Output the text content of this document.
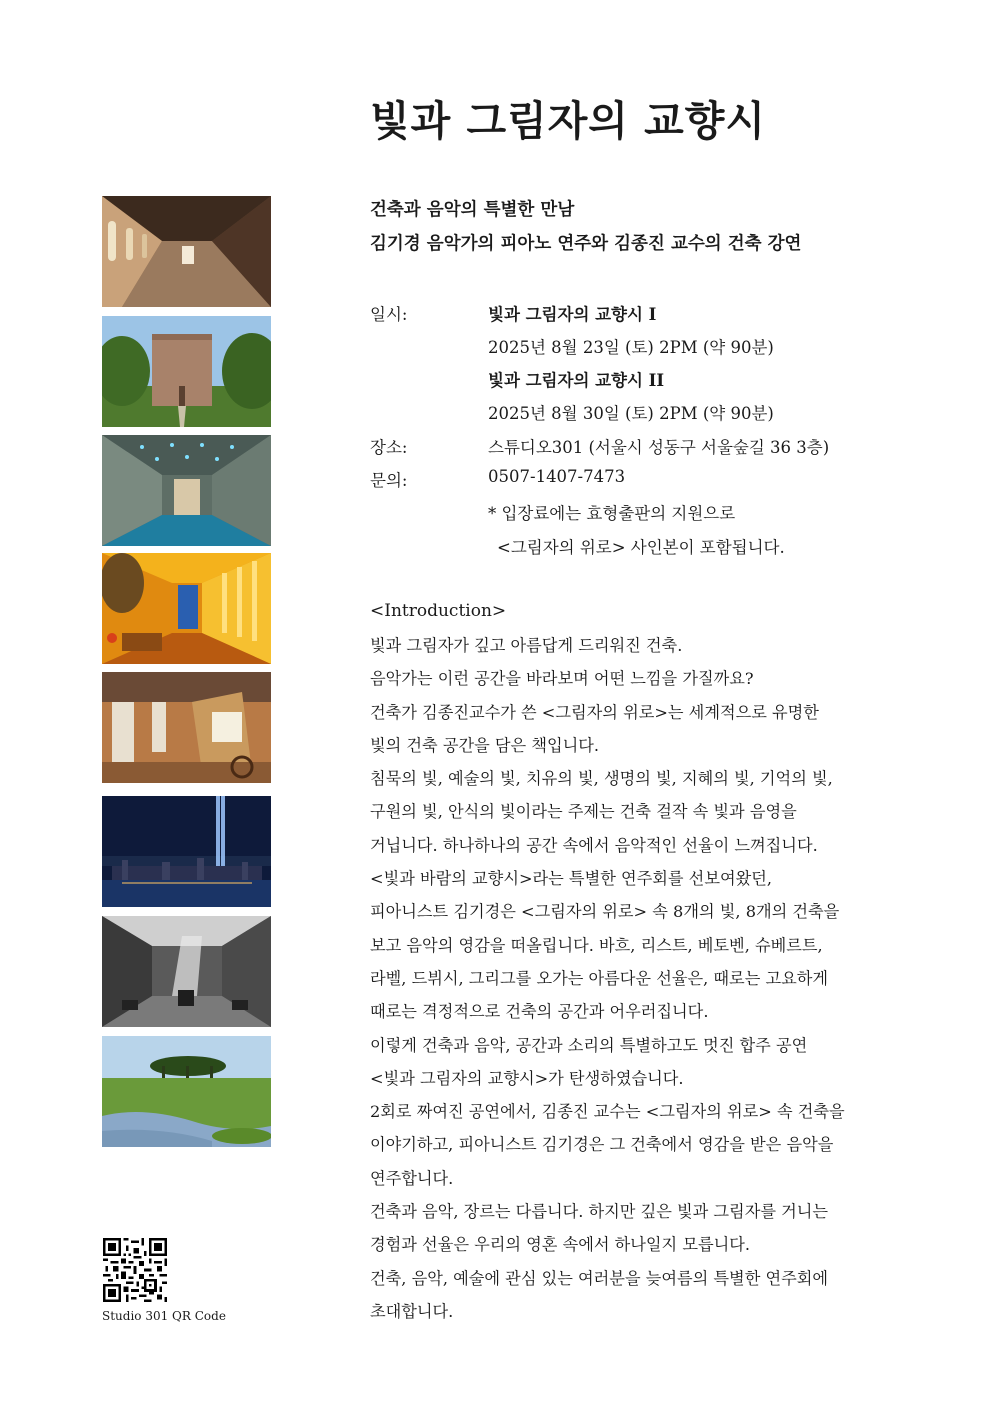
빛과 그림자의 교향시
건축과 음악의 특별한 만남
김기경 음악가의 피아노 연주와 김종진 교수의 건축 강연
일시:	빛과 그림자의 교향시 I
2025년 8월 23일 (토) 2PM (약 90분)
빛과 그림자의 교향시 II
2025년 8월 30일 (토) 2PM (약 90분)
장소:	스튜디오301 (서울시 성동구 서울숲길 36 3층)
문의:	0507-1407-7473
* 입장료에는 효형출판의 지원으로
<그림자의 위로> 사인본이 포함됩니다.
<Introduction>
빛과 그림자가 깊고 아름답게 드리워진 건축.
음악가는 이런 공간을 바라보며 어떤 느낌을 가질까요?
건축가 김종진교수가 쓴 <그림자의 위로>는 세계적으로 유명한
빛의 건축 공간을 담은 책입니다.
침묵의 빛, 예술의 빛, 치유의 빛, 생명의 빛, 지혜의 빛, 기억의 빛,
구원의 빛, 안식의 빛이라는 주제는 건축 걸작 속 빛과 음영을
거닙니다. 하나하나의 공간 속에서 음악적인 선율이 느껴집니다.
<빛과 바람의 교향시>라는 특별한 연주회를 선보여왔던,
피아니스트 김기경은 <그림자의 위로> 속 8개의 빛, 8개의 건축을
보고 음악의 영감을 떠올립니다. 바흐, 리스트, 베토벤, 슈베르트,
라벨, 드뷔시, 그리그를 오가는 아름다운 선율은, 때로는 고요하게
때로는 격정적으로 건축의 공간과 어우러집니다.
이렇게 건축과 음악, 공간과 소리의 특별하고도 멋진 합주 공연
<빛과 그림자의 교향시>가 탄생하였습니다.
2회로 짜여진 공연에서, 김종진 교수는 <그림자의 위로> 속 건축을
이야기하고, 피아니스트 김기경은 그 건축에서 영감을 받은 음악을
연주합니다.
건축과 음악, 장르는 다릅니다. 하지만 깊은 빛과 그림자를 거니는
경험과 선율은 우리의 영혼 속에서 하나일지 모릅니다.
건축, 음악, 예술에 관심 있는 여러분을 늦여름의 특별한 연주회에
초대합니다.
Studio 301 QR Code
